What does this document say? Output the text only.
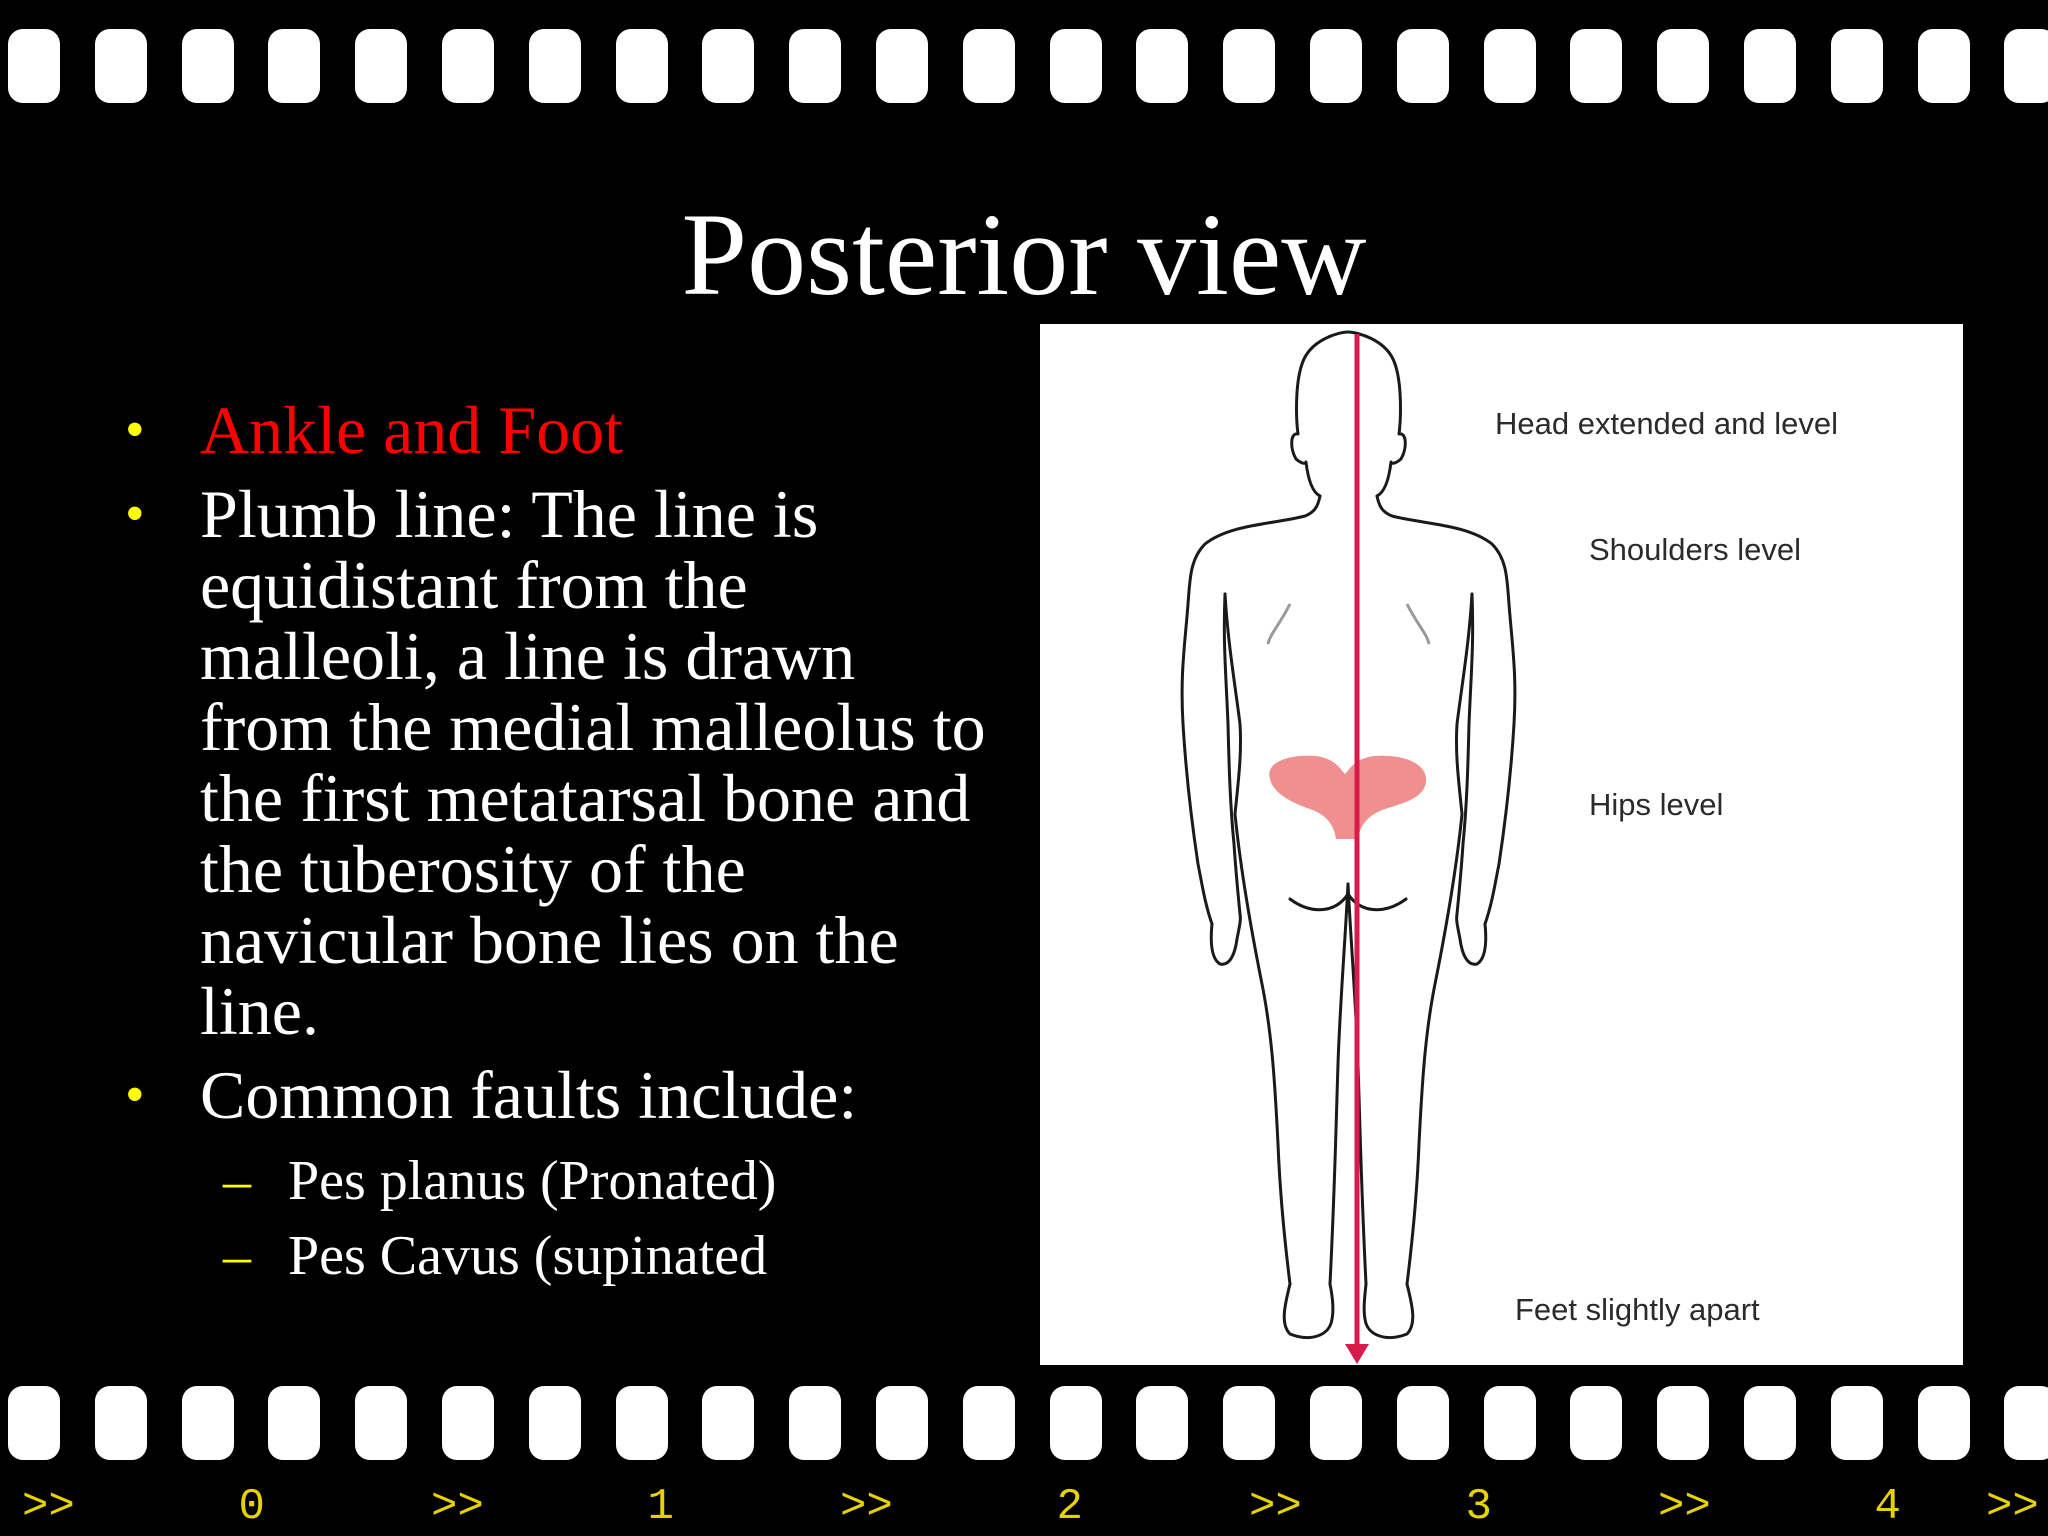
Posterior view
• Ankle and Foot
• Plumb line: The line is equidistant from the malleoli, a line is drawn from the medial malleolus to the first metatarsal bone and the tuberosity of the navicular bone lies on the line.
• Common faults include:
– Pes planus (Pronated)
– Pes Cavus (supinated
Head extended and level
Shoulders level
Hips level
Feet slightly apart
>>	0	>>	1	>>	2	>>	3	>>	4 >>
